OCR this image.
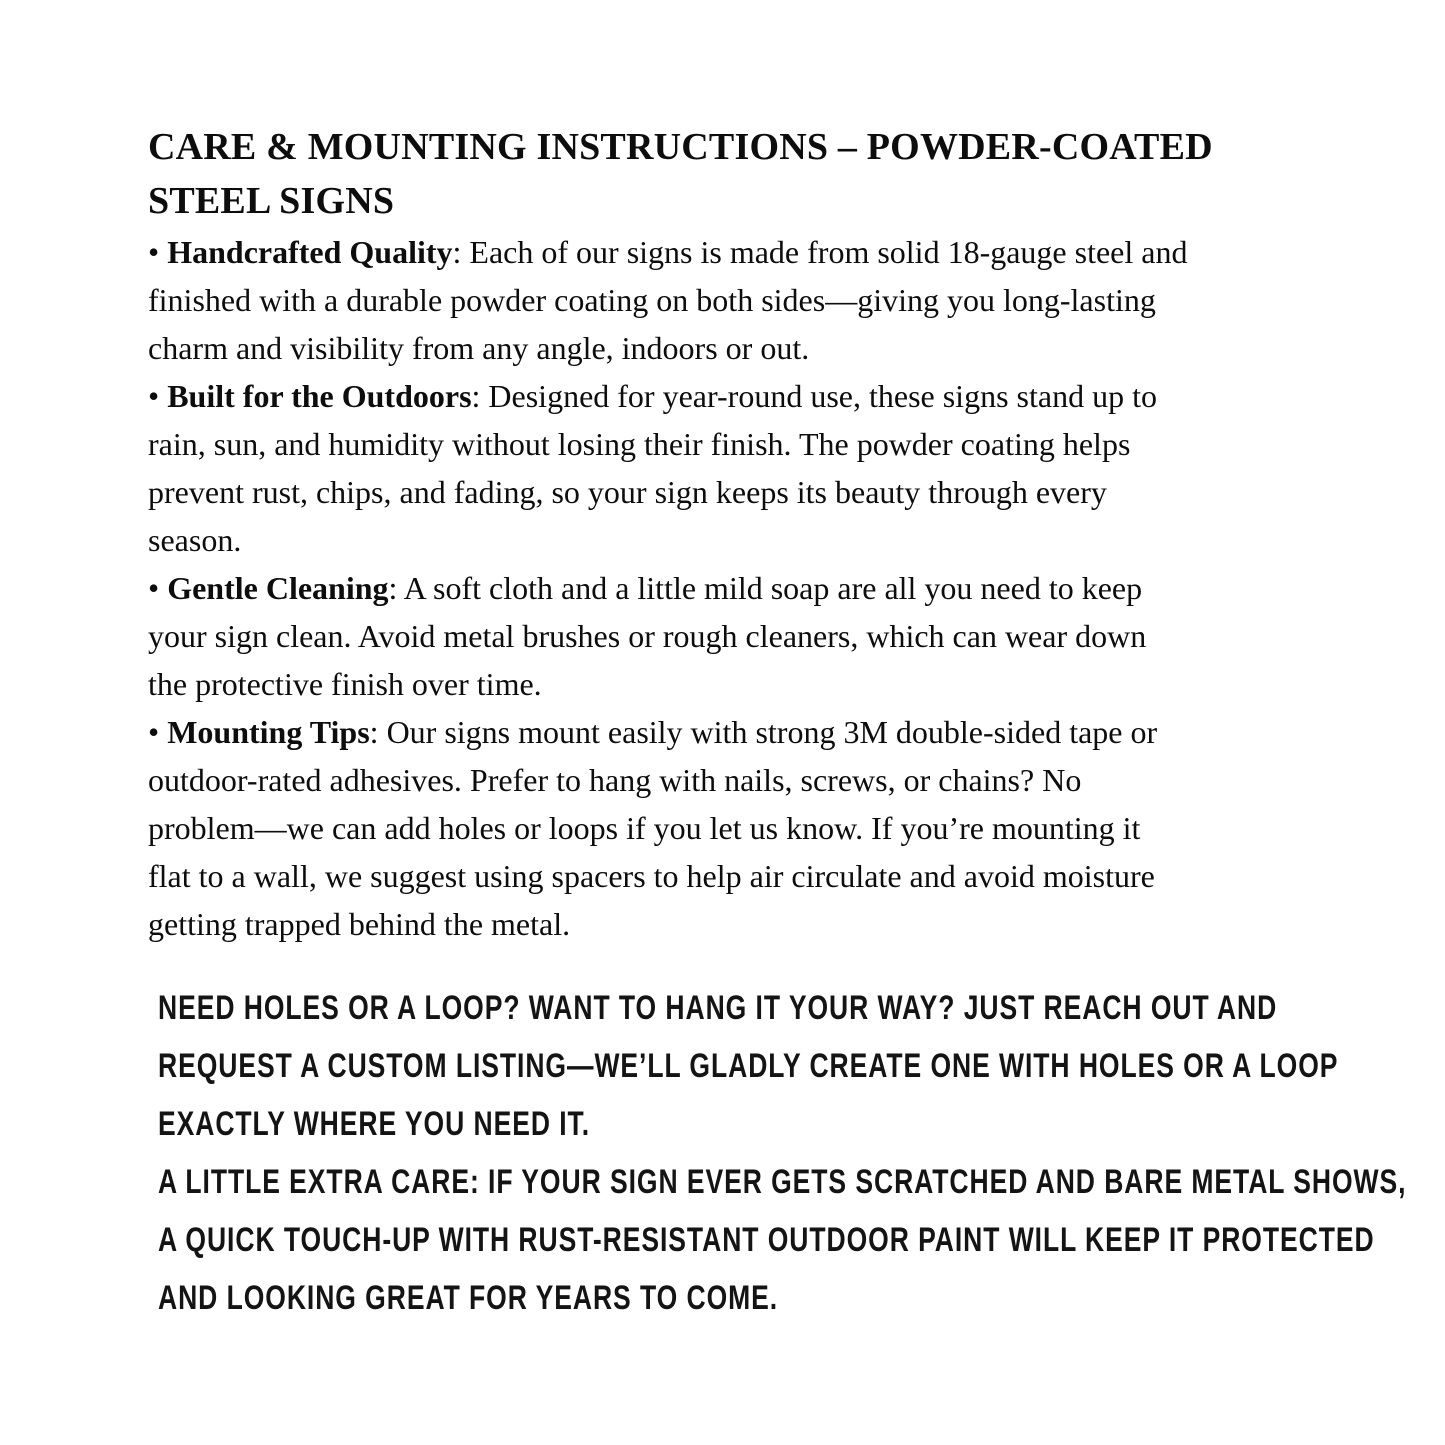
CARE & MOUNTING INSTRUCTIONS – POWDER-COATED
STEEL SIGNS
• Handcrafted Quality: Each of our signs is made from solid 18-gauge steel and
finished with a durable powder coating on both sides—giving you long-lasting
charm and visibility from any angle, indoors or out.
• Built for the Outdoors: Designed for year-round use, these signs stand up to
rain, sun, and humidity without losing their finish. The powder coating helps
prevent rust, chips, and fading, so your sign keeps its beauty through every
season.
• Gentle Cleaning: A soft cloth and a little mild soap are all you need to keep
your sign clean. Avoid metal brushes or rough cleaners, which can wear down
the protective finish over time.
• Mounting Tips: Our signs mount easily with strong 3M double-sided tape or
outdoor-rated adhesives. Prefer to hang with nails, screws, or chains? No
problem—we can add holes or loops if you let us know. If you’re mounting it
flat to a wall, we suggest using spacers to help air circulate and avoid moisture
getting trapped behind the metal.
NEED HOLES OR A LOOP? WANT TO HANG IT YOUR WAY? JUST REACH OUT AND
REQUEST A CUSTOM LISTING—WE’LL GLADLY CREATE ONE WITH HOLES OR A LOOP
EXACTLY WHERE YOU NEED IT.
A LITTLE EXTRA CARE: IF YOUR SIGN EVER GETS SCRATCHED AND BARE METAL SHOWS,
A QUICK TOUCH-UP WITH RUST-RESISTANT OUTDOOR PAINT WILL KEEP IT PROTECTED
AND LOOKING GREAT FOR YEARS TO COME.
